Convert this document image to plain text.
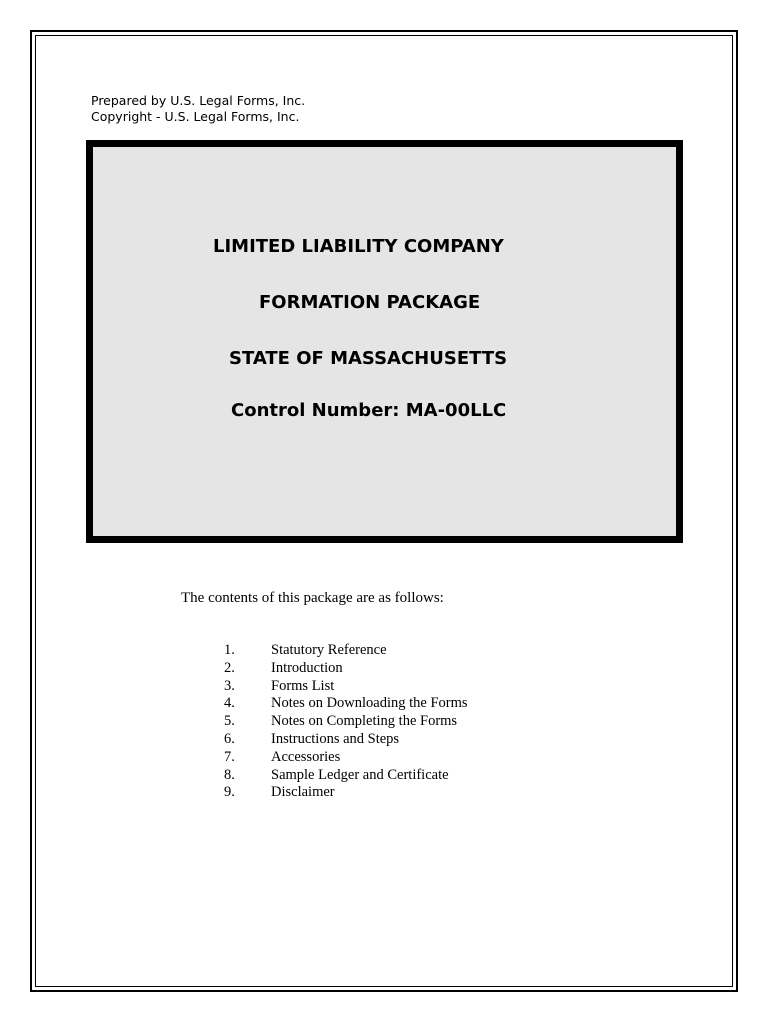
Prepared by U.S. Legal Forms, Inc.
Copyright - U.S. Legal Forms, Inc.
LIMITED LIABILITY COMPANY
FORMATION PACKAGE
STATE OF MASSACHUSETTS
Control Number: MA-00LLC
The contents of this package are as follows:
1. Statutory Reference
2. Introduction
3. Forms List
4. Notes on Downloading the Forms
5. Notes on Completing the Forms
6. Instructions and Steps
7. Accessories
8. Sample Ledger and Certificate
9. Disclaimer
